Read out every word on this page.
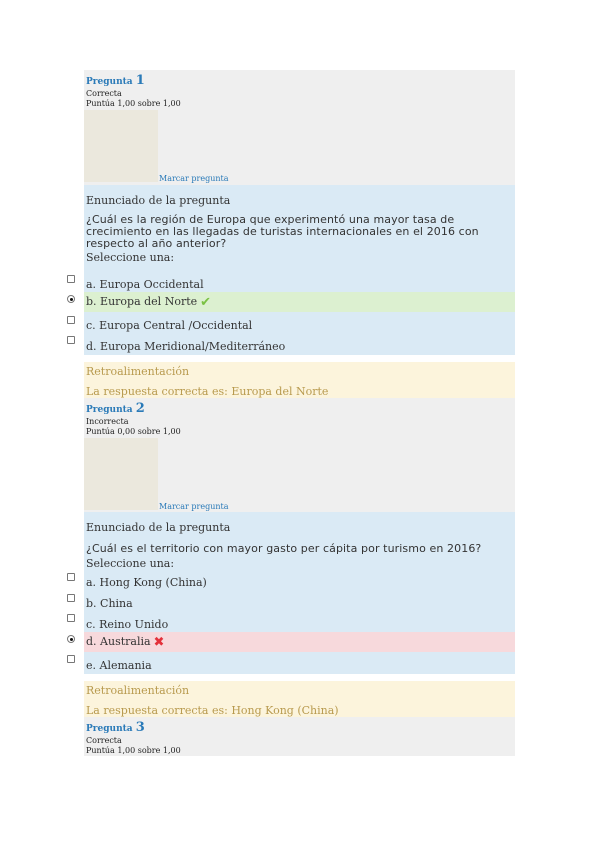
Pregunta 1
Correcta
Puntúa 1,00 sobre 1,00
Marcar pregunta
Enunciado de la pregunta
¿Cuál es la región de Europa que experimentó una mayor tasa de crecimiento en las llegadas de turistas internacionales en el 2016 con respecto al año anterior?
Seleccione una:
a. Europa Occidental
b. Europa del Norte ✔
c. Europa Central /Occidental
d. Europa Meridional/Mediterráneo
Retroalimentación
La respuesta correcta es: Europa del Norte
Pregunta 2
Incorrecta
Puntúa 0,00 sobre 1,00
Marcar pregunta
Enunciado de la pregunta
¿Cuál es el territorio con mayor gasto per cápita por turismo en 2016?
Seleccione una:
a. Hong Kong (China)
b. China
c. Reino Unido
d. Australia ✖
e. Alemania
Retroalimentación
La respuesta correcta es: Hong Kong (China)
Pregunta 3
Correcta
Puntúa 1,00 sobre 1,00
